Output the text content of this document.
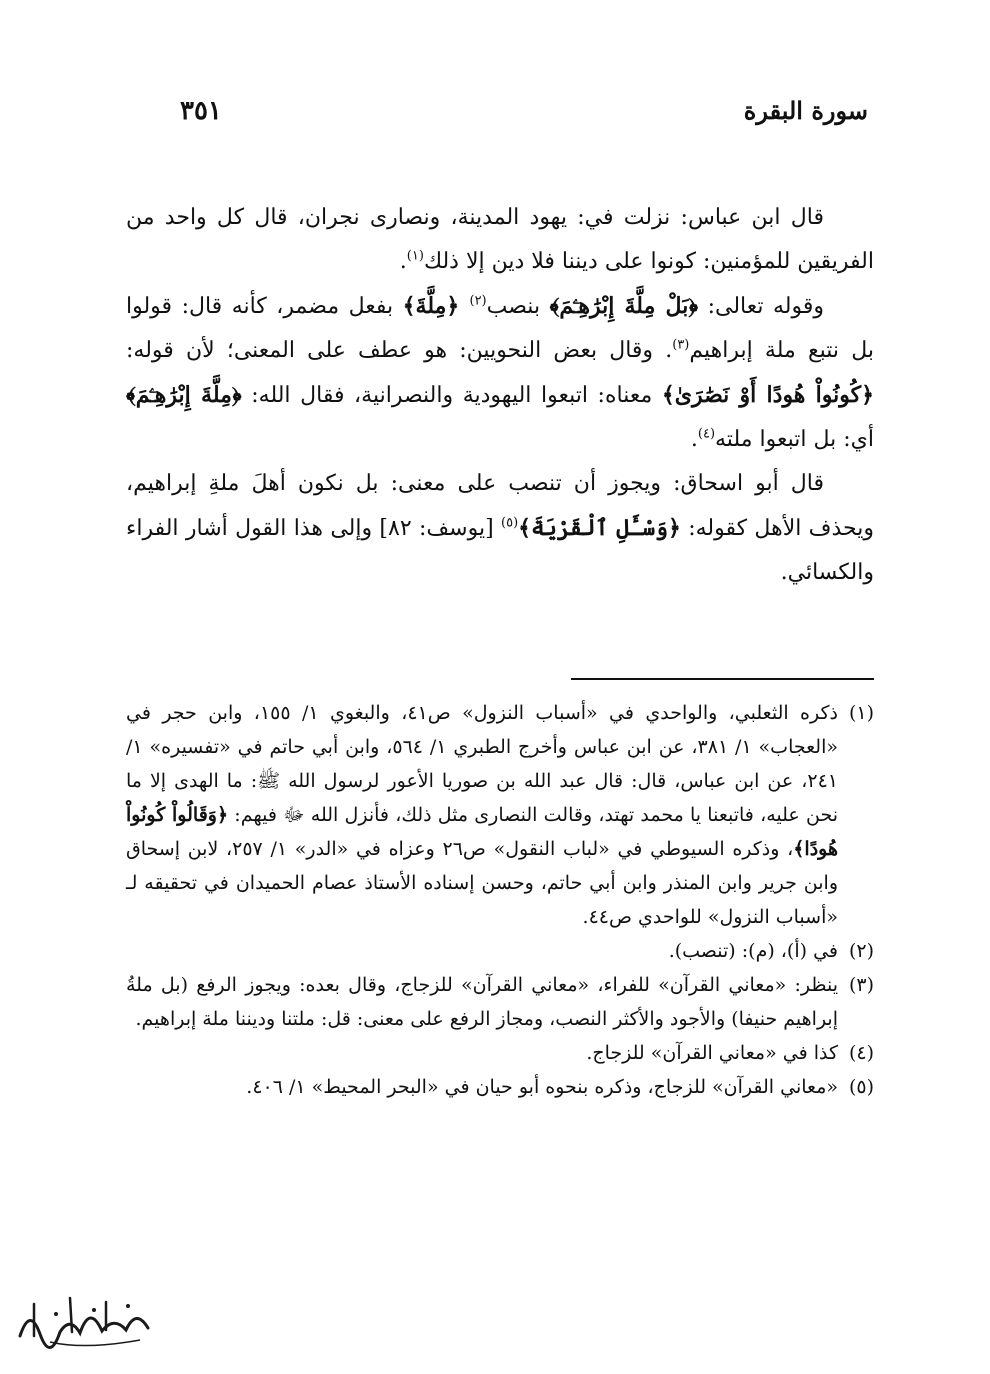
سورة البقرة
٣٥١

قال ابن عباس: نزلت في: يهود المدينة، ونصارى نجران، قال كل واحد من الفريقين للمؤمنين: كونوا على ديننا فلا دين إلا ذلك$^{(١)}$.

وقوله تعالى: ﴿بَلْ مِلَّةَ إِبْرَٰهِـۧمَ﴾ بنصب$^{(٢)}$ ﴿مِلَّةَ﴾ بفعل مضمر، كأنه قال: قولوا بل نتبع ملة إبراهيم$^{(٣)}$. وقال بعض النحويين: هو عطف على المعنى؛ لأن قوله: ﴿كُونُواْ هُودًا أَوْ نَصَٰرَىٰ﴾ معناه: اتبعوا اليهودية والنصرانية، فقال الله: ﴿مِلَّةَ إِبْرَٰهِـۧمَ﴾ أي: بل اتبعوا ملته$^{(٤)}$.

قال أبو اسحاق: ويجوز أن تنصب على معنى: بل نكون أهلَ ملةِ إبراهيم، ويحذف الأهل كقوله: ﴿وَسْـَٔلِ ٱلْقَرْيَةَ﴾$^{(٥)}$ [يوسف: ٨٢] وإلى هذا القول أشار الفراء والكسائي.

(١)
ذكره الثعلبي، والواحدي في «أسباب النزول» ص٤١، والبغوي ١/ ١٥٥، وابن حجر في «العجاب» ١/ ٣٨١، عن ابن عباس وأخرج الطبري ١/ ٥٦٤، وابن أبي حاتم في «تفسيره» ١/ ٢٤١، عن ابن عباس، قال: قال عبد الله بن صوريا الأعور لرسول الله ﷺ: ما الهدى إلا ما نحن عليه، فاتبعنا يا محمد تهتد، وقالت النصارى مثل ذلك، فأنزل الله ﷻ فيهم: ﴿وَقَالُواْ كُونُواْ هُودًا﴾، وذكره السيوطي في «لباب النقول» ص٢٦ وعزاه في «الدر» ١/ ٢٥٧، لابن إسحاق وابن جرير وابن المنذر وابن أبي حاتم، وحسن إسناده الأستاذ عصام الحميدان في تحقيقه لـ «أسباب النزول» للواحدي ص٤٤.

(٢)
في (أ)، (م): (تنصب).

(٣)
ينظر: «معاني القرآن» للفراء، «معاني القرآن» للزجاج، وقال بعده: ويجوز الرفع (بل ملةُ إبراهيم حنيفا) والأجود والأكثر النصب، ومجاز الرفع على معنى: قل: ملتنا وديننا ملة إبراهيم.

(٤)
كذا في «معاني القرآن» للزجاج.

(٥)
«معاني القرآن» للزجاج، وذكره بنحوه أبو حيان في «البحر المحيط» ١/ ٤٠٦.
